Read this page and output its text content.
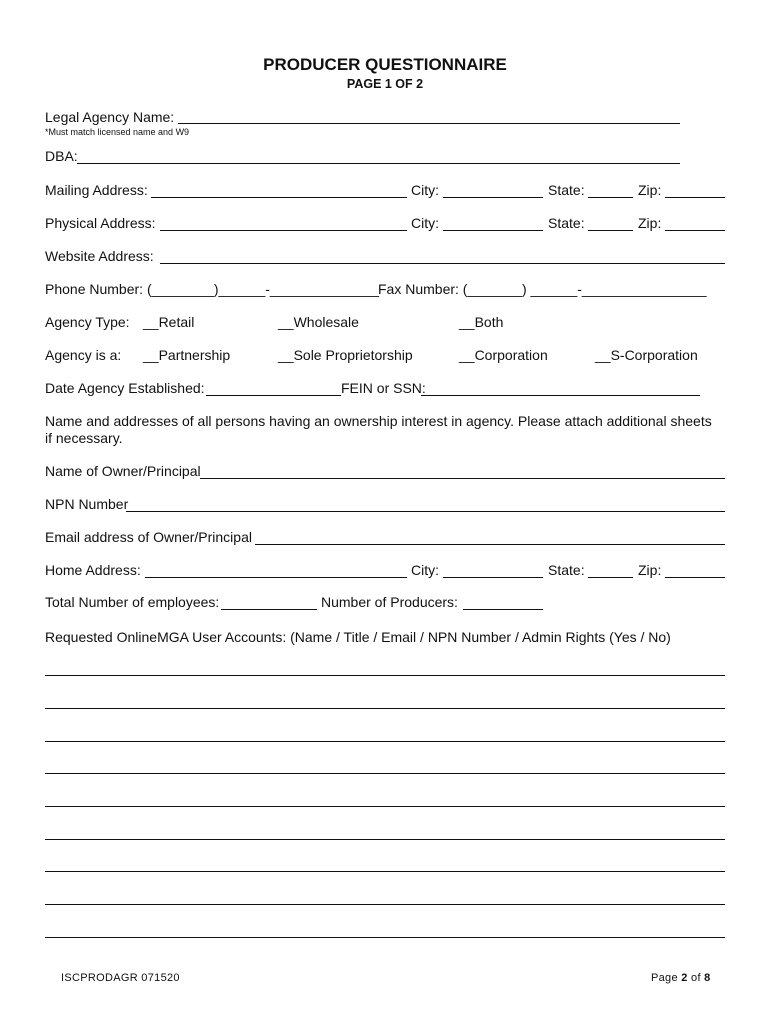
PRODUCER QUESTIONNAIRE
PAGE 1 OF 2
Legal Agency Name:
*Must match licensed name and W9
DBA:
Mailing Address:	City:	State:	Zip:
Physical Address:	City:	State:	Zip:
Website Address:
Phone Number: (________)______-______________ Fax Number: (_______) ______-________________
Agency Type: __Retail	__Wholesale	__Both
Agency is a: __Partnership	__Sole Proprietorship	__Corporation	__S-Corporation
Date Agency Established:	FEIN or SSN:
Name and addresses of all persons having an ownership interest in agency. Please attach additional sheets
if necessary.
Name of Owner/Principal
NPN Number
Email address of Owner/Principal
Home Address:	City:	State:	Zip:
Total Number of employees:	Number of Producers:
Requested OnlineMGA User Accounts: (Name / Title / Email / NPN Number / Admin Rights (Yes / No)
ISCPRODAGR 071520	Page 2 of 8
